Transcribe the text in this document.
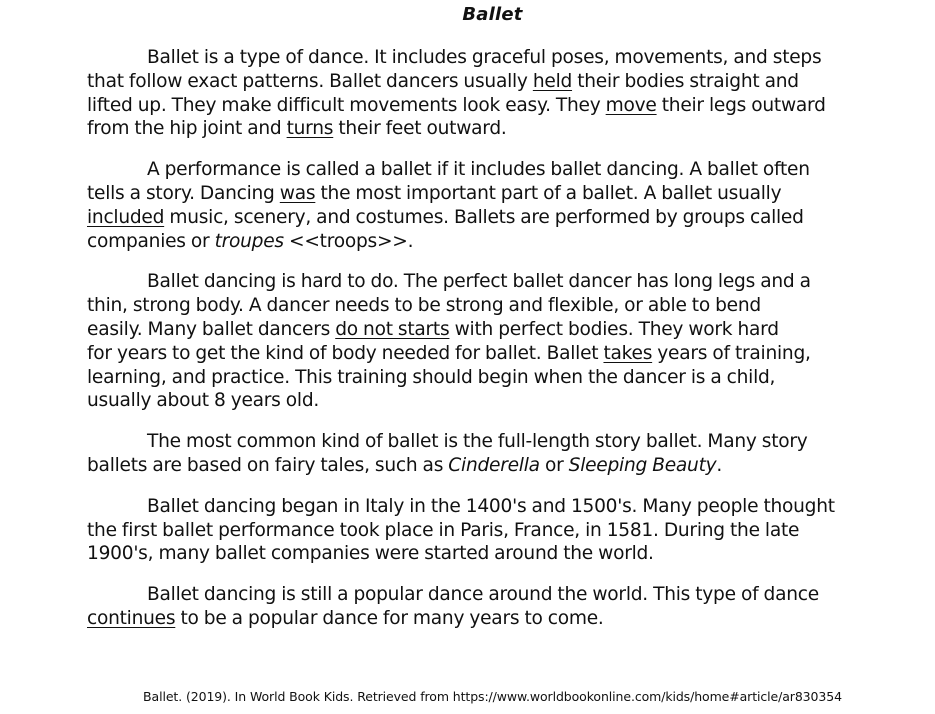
Ballet
Ballet is a type of dance. It includes graceful poses, movements, and steps
that follow exact patterns. Ballet dancers usually held their bodies straight and
lifted up. They make difficult movements look easy. They move their legs outward
from the hip joint and turns their feet outward.
A performance is called a ballet if it includes ballet dancing. A ballet often
tells a story. Dancing was the most important part of a ballet. A ballet usually
included music, scenery, and costumes. Ballets are performed by groups called
companies or troupes <<troops>>.
Ballet dancing is hard to do. The perfect ballet dancer has long legs and a
thin, strong body. A dancer needs to be strong and flexible, or able to bend
easily. Many ballet dancers do not starts with perfect bodies. They work hard
for years to get the kind of body needed for ballet. Ballet takes years of training,
learning, and practice. This training should begin when the dancer is a child,
usually about 8 years old.
The most common kind of ballet is the full-length story ballet. Many story
ballets are based on fairy tales, such as Cinderella or Sleeping Beauty.
Ballet dancing began in Italy in the 1400's and 1500's. Many people thought
the first ballet performance took place in Paris, France, in 1581. During the late
1900's, many ballet companies were started around the world.
Ballet dancing is still a popular dance around the world. This type of dance
continues to be a popular dance for many years to come.
Ballet. (2019). In World Book Kids. Retrieved from https://www.worldbookonline.com/kids/home#article/ar830354
